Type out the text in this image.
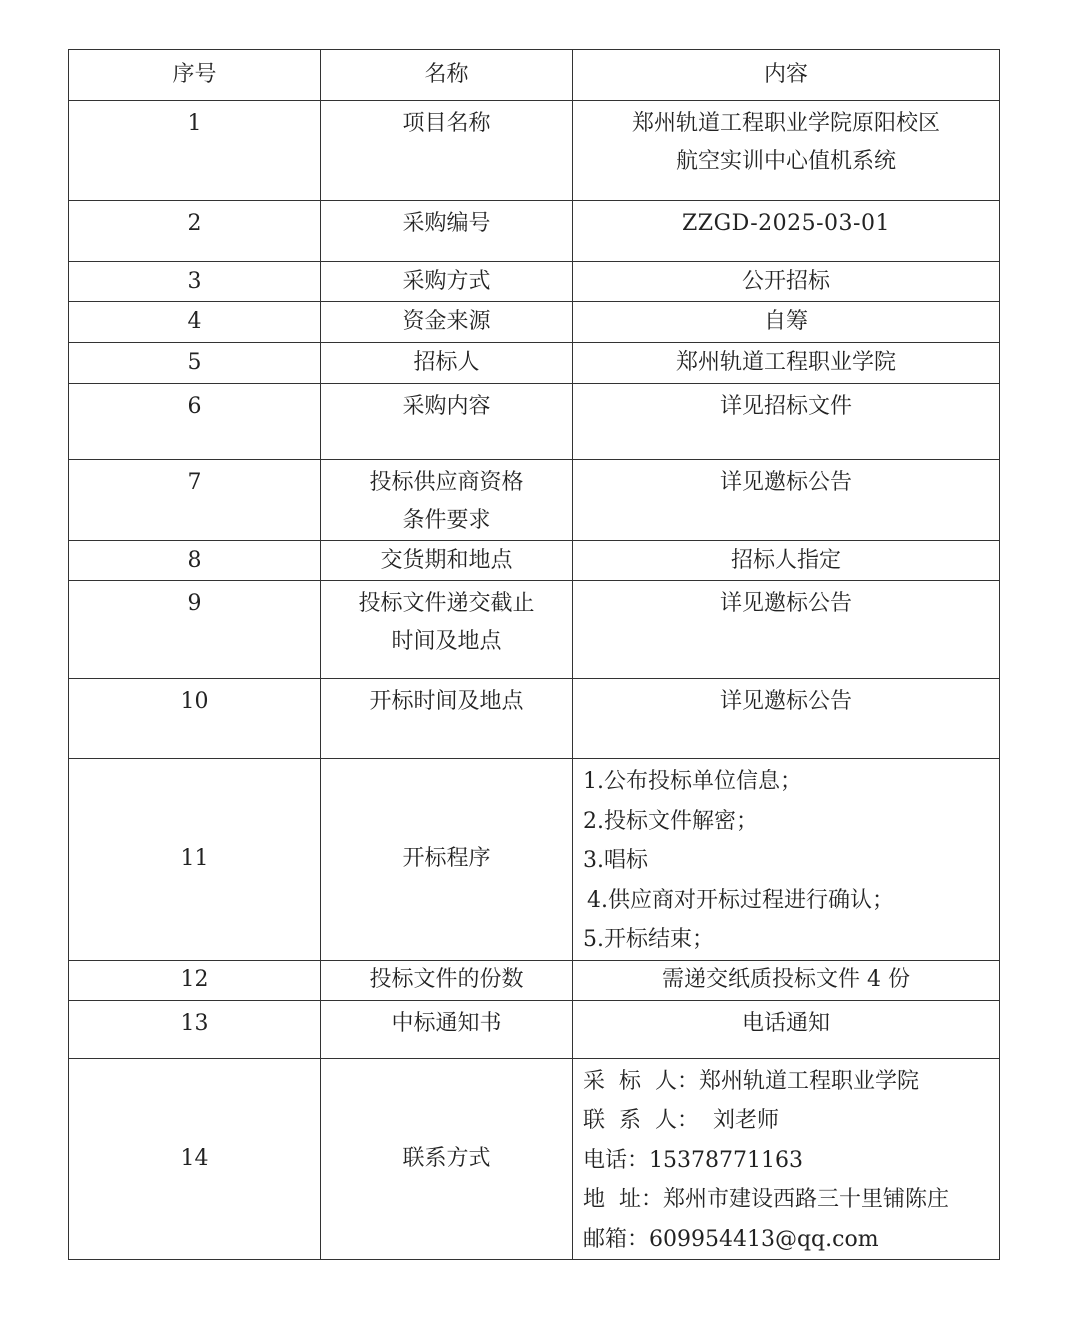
序号	名称	内容
1	项目名称	郑州轨道工程职业学院原阳校区
航空实训中心值机系统

2	采购编号	ZZGD-2025-03-01

3	采购方式	公开招标

4	资金来源	自筹

5	招标人	郑州轨道工程职业学院

6	采购内容	详见招标文件

7	投标供应商资格
条件要求	详见邀标公告

8	交货期和地点	招标人指定

9	投标文件递交截止
时间及地点	详见邀标公告

10	开标时间及地点	详见邀标公告

11	开标程序	1.公布投标单位信息；
2.投标文件解密；
3.唱标
4.供应商对开标过程进行确认；
5.开标结束；

12	投标文件的份数	需递交纸质投标文件 4 份

13	中标通知书	电话通知

14	联系方式	采  标  人：郑州轨道工程职业学院
联  系  人：  刘老师
电话：15378771163
地  址：郑州市建设西路三十里铺陈庄
邮箱：609954413@qq.com
